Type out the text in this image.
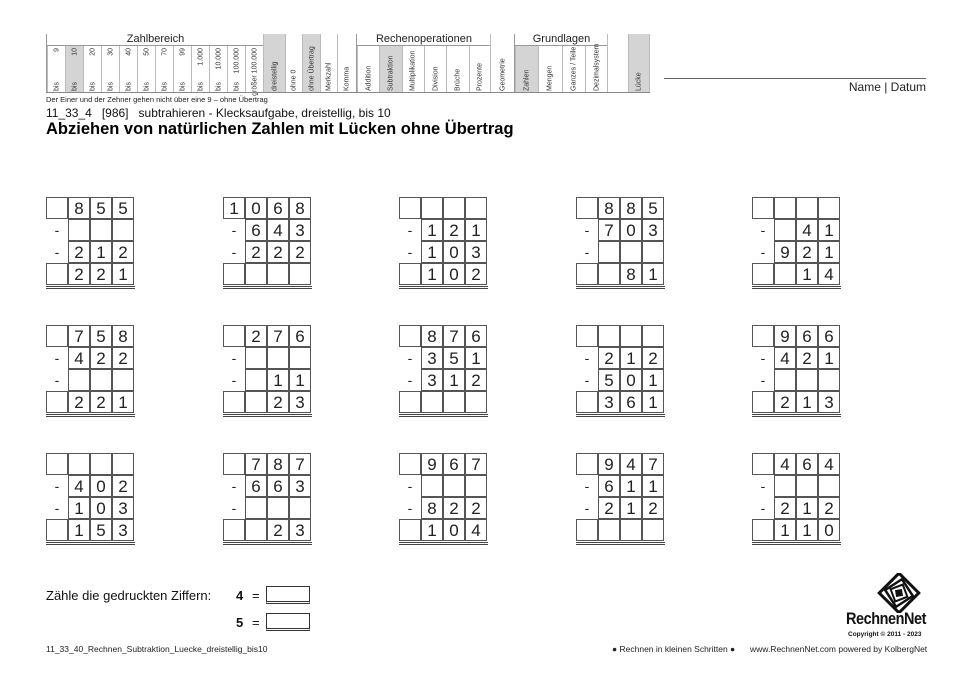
Zahlbereich
bis
9
bis
10
bis
20
bis
30
bis
40
bis
50
bis
70
bis
99
bis
1.000
bis
10.000
bis
100.000 größer 100.000 dreistellig ohne 0 ohne Übertrag Merkzahl Komma
Rechenoperationen
Addition Subtraktion Multiplikation Division Brüche Prozente Geometrie
Grundlagen
Zahlen Mengen Ganzes / Teile Dezimalsystem	Lücke	Name | Datum
Der Einer und der Zehner gehen nicht über eine 9 – ohne Übertrag
11_33_4   [986]   subtrahieren - Klecksaufgabe, dreistellig, bis 10
Abziehen von natürlichen Zahlen mit Lücken ohne Übertrag
8 5 5
-
- 2 1 2
2 2 1
1 0 6 8
- 6 4 3
- 2 2 2
- 1 2 1
- 1 0 3
1 0 2
8 8 5
- 7 0 3
-
8 1
-	4 1
- 9 2 1
1 4
7 5 8
- 4 2 2
-
2 2 1
2 7 6
-
-	1 1
2 3
8 7 6
- 3 5 1
- 3 1 2
- 2 1 2
- 5 0 1
3 6 1
9 6 6
- 4 2 1
-
2 1 3
- 4 0 2
- 1 0 3
1 5 3
7 8 7
- 6 6 3
-
2 3
9 6 7
-
- 8 2 2
1 0 4
9 4 7
- 6 1 1
- 2 1 2
4 6 4
-
- 2 1 2
1 1 0
Zähle die gedruckten Ziffern: 4 =
5 =
11_33_40_Rechnen_Subtraktion_Luecke_dreistellig_bis10	● Rechnen in kleinen Schritten ● www.RechnenNet.com powered by KolbergNet
RechnenNet
Copyright © 2011 - 2023
